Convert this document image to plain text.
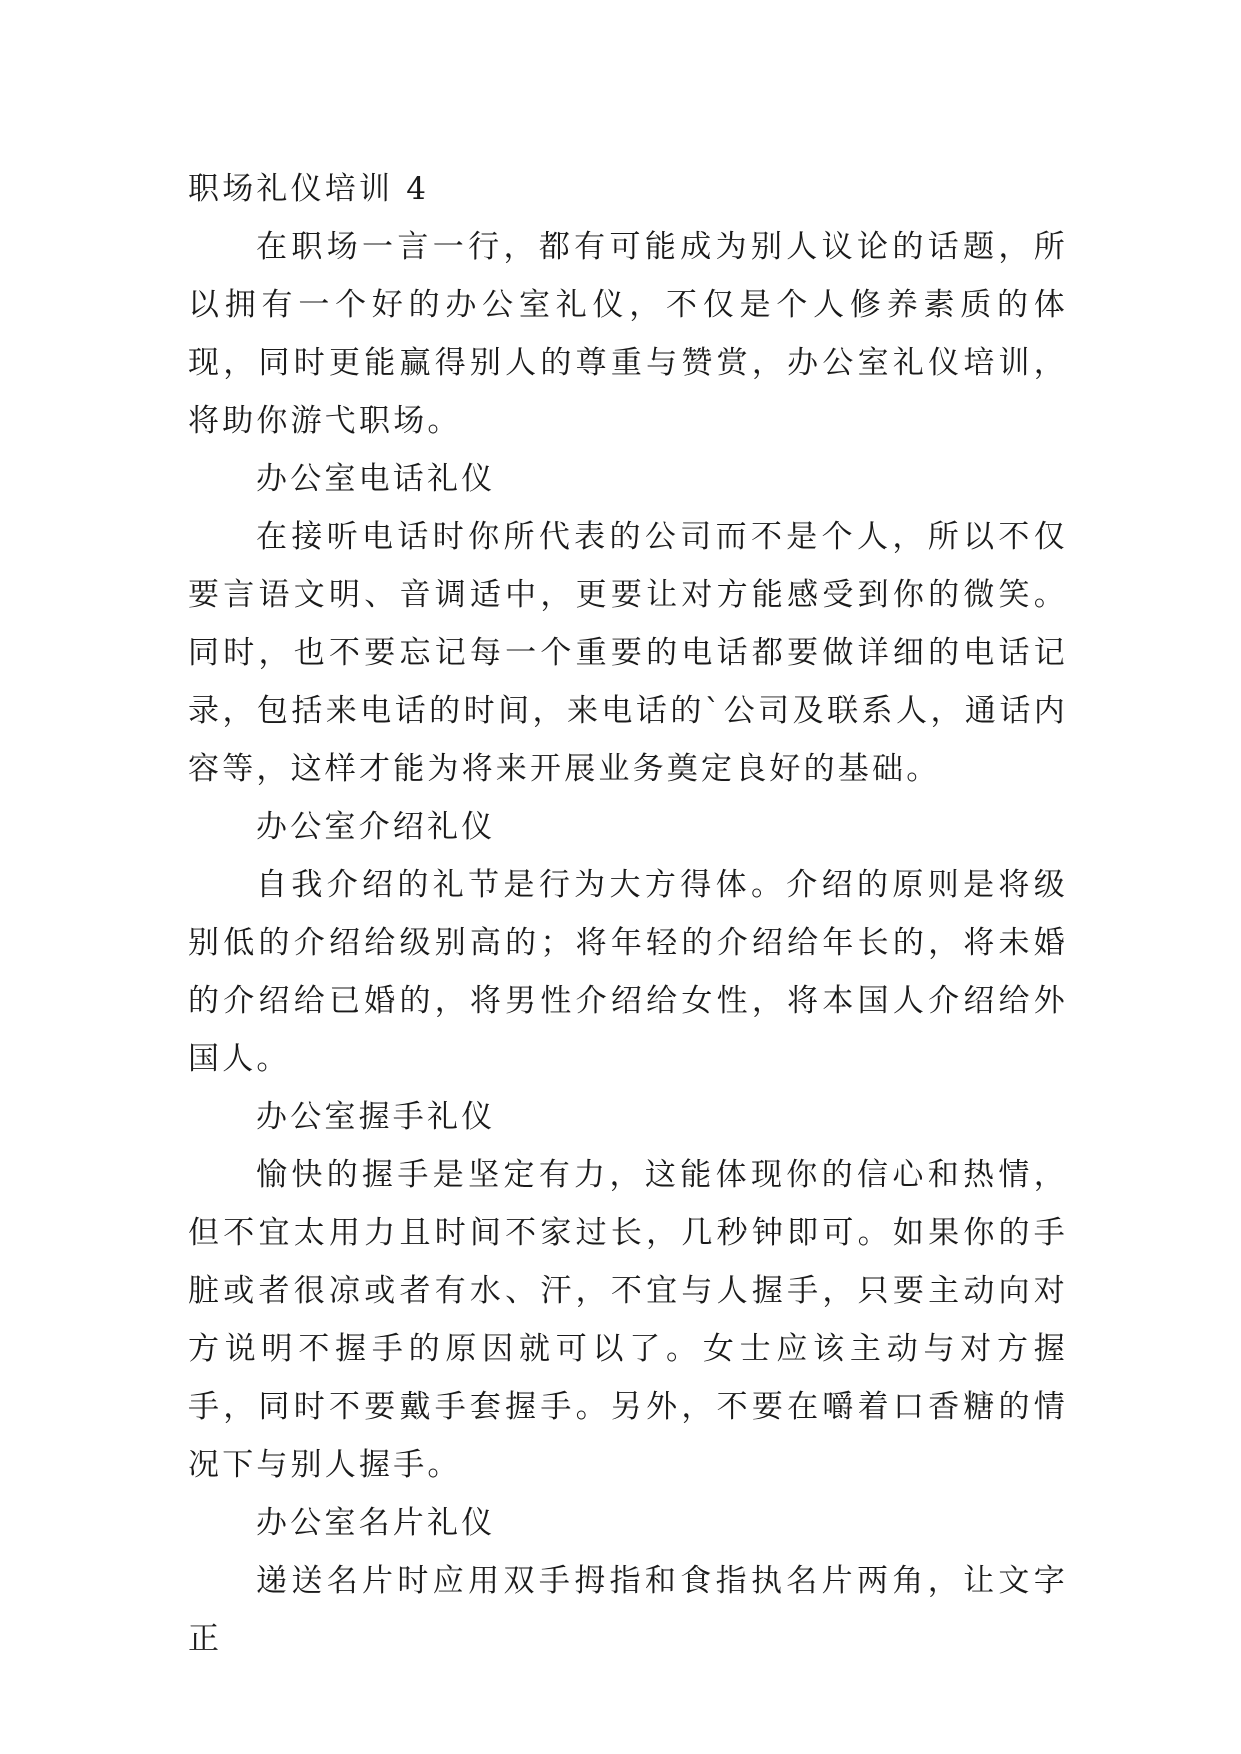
职场礼仪培训 4

在职场一言一行，都有可能成为别人议论的话题，所以拥有一个好的办公室礼仪，不仅是个人修养素质的体现，同时更能赢得别人的尊重与赞赏，办公室礼仪培训，将助你游弋职场。

办公室电话礼仪

在接听电话时你所代表的公司而不是个人，所以不仅要言语文明、音调适中，更要让对方能感受到你的微笑。同时，也不要忘记每一个重要的电话都要做详细的电话记录，包括来电话的时间，来电话的`公司及联系人，通话内容等，这样才能为将来开展业务奠定良好的基础。

办公室介绍礼仪

自我介绍的礼节是行为大方得体。介绍的原则是将级别低的介绍给级别高的；将年轻的介绍给年长的，将未婚的介绍给已婚的，将男性介绍给女性，将本国人介绍给外国人。

办公室握手礼仪

愉快的握手是坚定有力，这能体现你的信心和热情，但不宜太用力且时间不家过长，几秒钟即可。如果你的手脏或者很凉或者有水、汗，不宜与人握手，只要主动向对方说明不握手的原因就可以了。女士应该主动与对方握手，同时不要戴手套握手。另外，不要在嚼着口香糖的情况下与别人握手。

办公室名片礼仪

递送名片时应用双手拇指和食指执名片两角，让文字正
